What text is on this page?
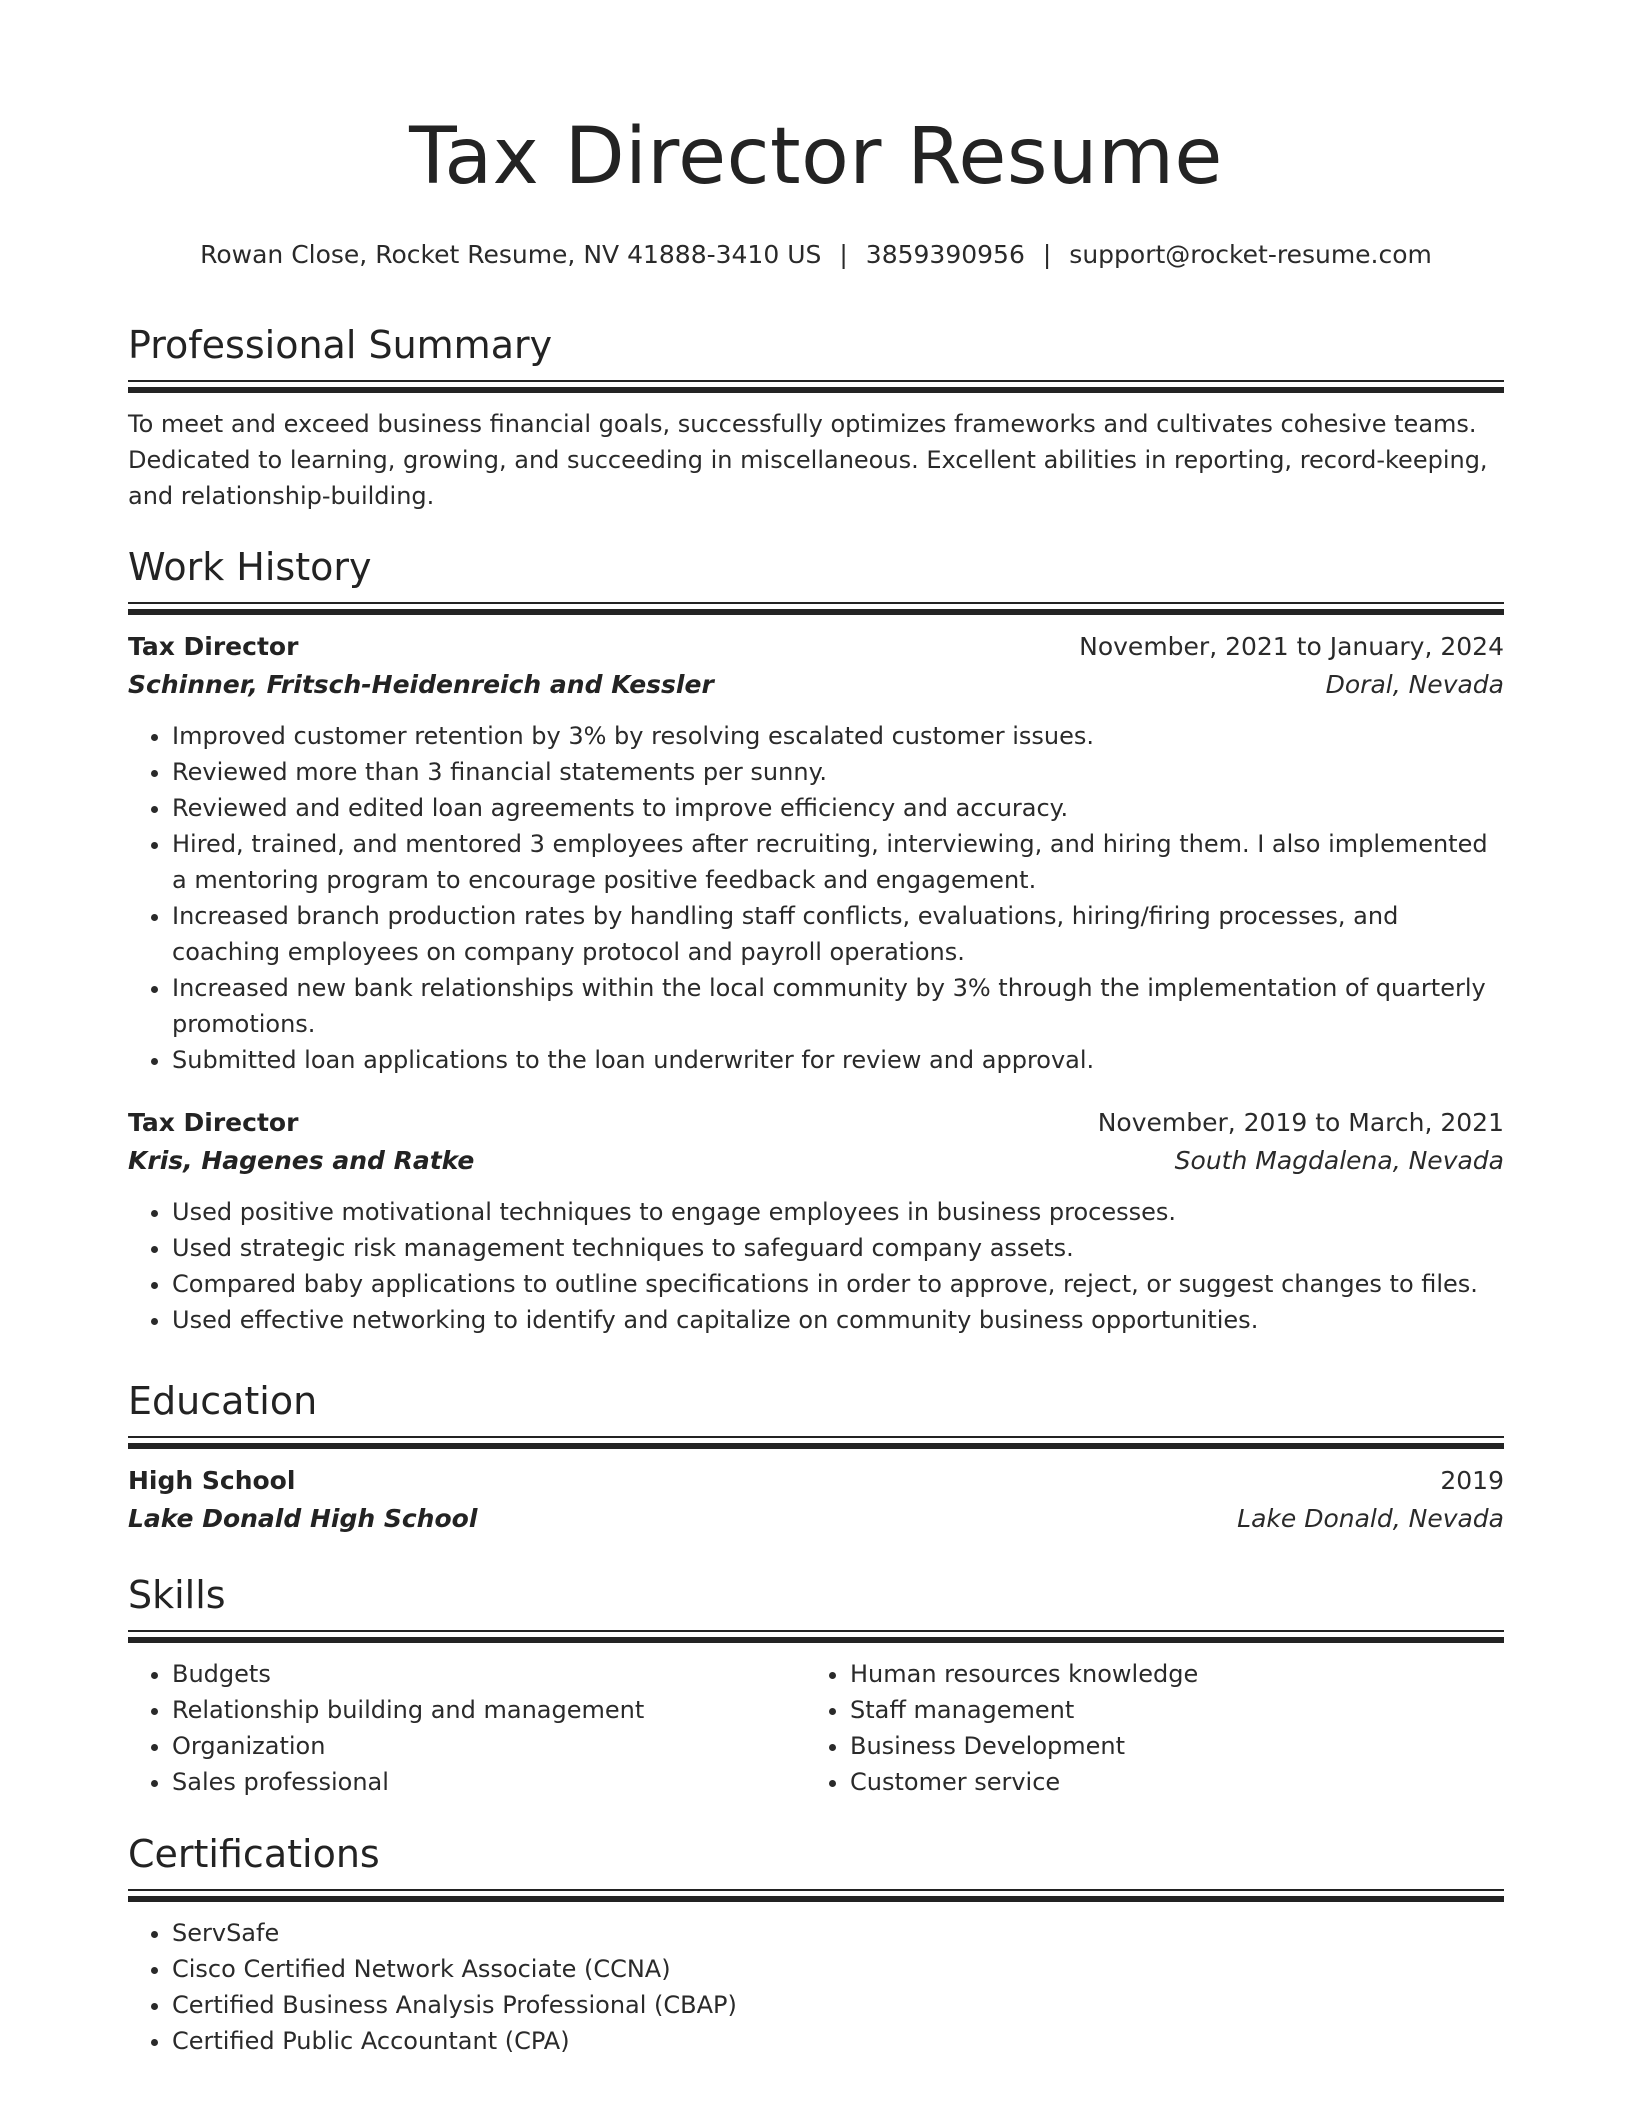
Tax Director Resume
Rowan Close, Rocket Resume, NV 41888-3410 US | 3859390956 | support@rocket-resume.com
Professional Summary
To meet and exceed business financial goals, successfully optimizes frameworks and cultivates cohesive teams. Dedicated to learning, growing, and succeeding in miscellaneous. Excellent abilities in reporting, record-keeping, and relationship-building.
Work History
Tax Director	November, 2021 to January, 2024
Schinner, Fritsch-Heidenreich and Kessler	Doral, Nevada
• Improved customer retention by 3% by resolving escalated customer issues.
• Reviewed more than 3 financial statements per sunny.
• Reviewed and edited loan agreements to improve efficiency and accuracy.
• Hired, trained, and mentored 3 employees after recruiting, interviewing, and hiring them. I also implemented a mentoring program to encourage positive feedback and engagement.
• Increased branch production rates by handling staff conflicts, evaluations, hiring/firing processes, and coaching employees on company protocol and payroll operations.
• Increased new bank relationships within the local community by 3% through the implementation of quarterly promotions.
• Submitted loan applications to the loan underwriter for review and approval.
Tax Director	November, 2019 to March, 2021
Kris, Hagenes and Ratke	South Magdalena, Nevada
• Used positive motivational techniques to engage employees in business processes.
• Used strategic risk management techniques to safeguard company assets.
• Compared baby applications to outline specifications in order to approve, reject, or suggest changes to files.
• Used effective networking to identify and capitalize on community business opportunities.
Education
High School	2019
Lake Donald High School	Lake Donald, Nevada
Skills
• Budgets
• Relationship building and management
• Organization
• Sales professional
• Human resources knowledge
• Staff management
• Business Development
• Customer service
Certifications
• ServSafe
• Cisco Certified Network Associate (CCNA)
• Certified Business Analysis Professional (CBAP)
• Certified Public Accountant (CPA)
